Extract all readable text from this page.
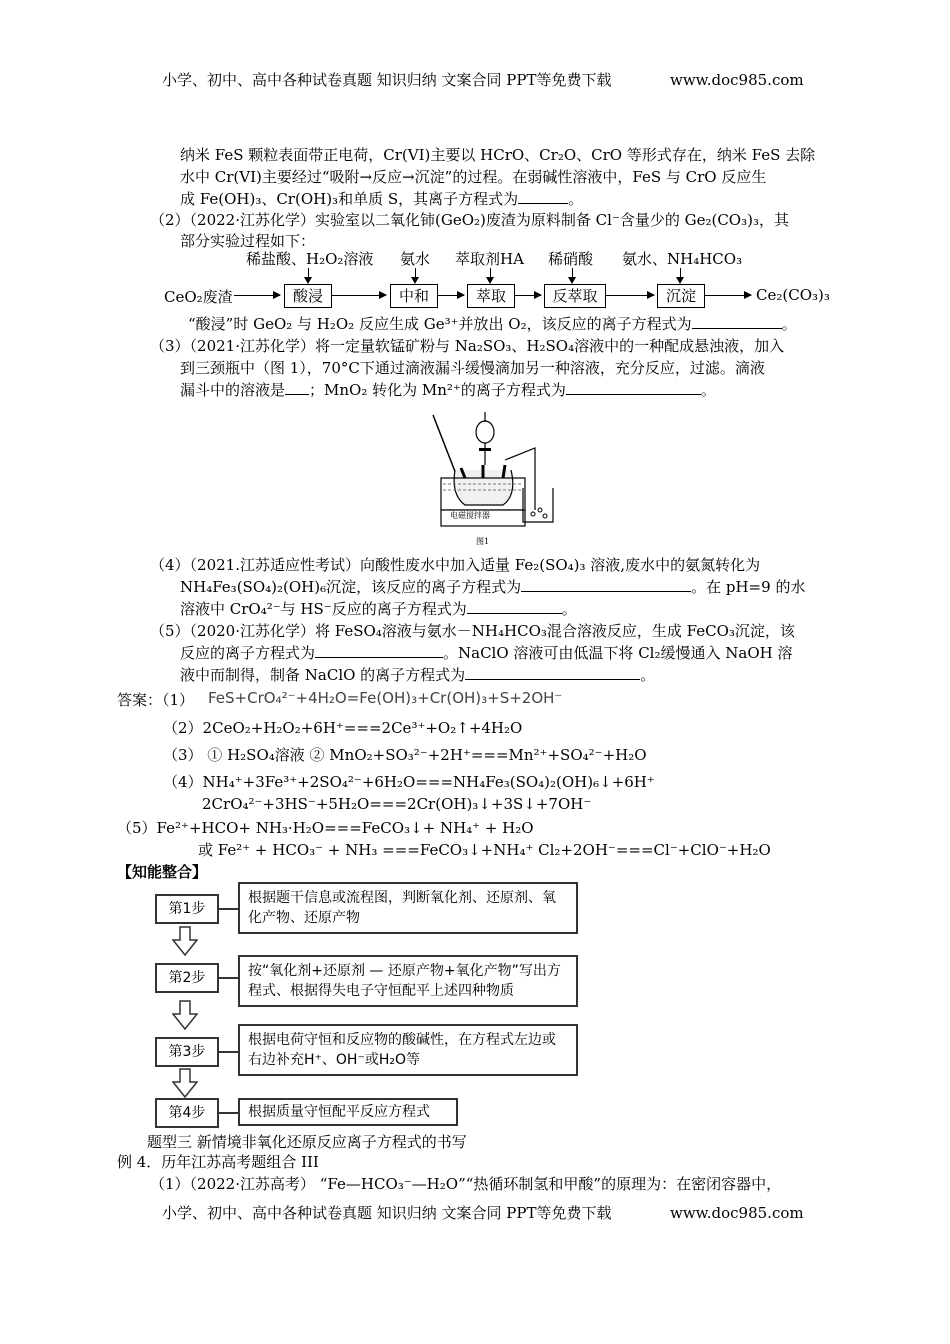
小学、初中、高中各种试卷真题 知识归纳 文案合同 PPT等免费下载	www.doc985.com
纳米 FeS 颗粒表面带正电荷，Cr(VI)主要以 HCrO、Cr₂O、CrO 等形式存在，纳米 FeS 去除
水中 Cr(VI)主要经过“吸附→反应→沉淀”的过程。在弱碱性溶液中，FeS 与 CrO 反应生
成 Fe(OH)₃、Cr(OH)₃和单质 S，其离子方程式为	。
（2）（2022·江苏化学）实验室以二氧化铈(GeO₂)废渣为原料制备 Cl⁻含量少的 Ge₂(CO₃)₃，其
部分实验过程如下：
稀盐酸、H₂O₂溶液 氨水 萃取剂HA 稀硝酸 氨水、NH₄HCO₃
CeO₂废渣	酸浸	中和	萃取	反萃取	沉淀	Ce₂(CO₃)₃
“酸浸”时 GeO₂ 与 H₂O₂ 反应生成 Ge³⁺并放出 O₂，该反应的离子方程式为	。
（3）（2021·江苏化学）将一定量软锰矿粉与 Na₂SO₃、H₂SO₄溶液中的一种配成悬浊液，加入
到三颈瓶中（图 1），70°C下通过滴液漏斗缓慢滴加另一种溶液，充分反应，过滤。滴液
漏斗中的溶液是 ；MnO₂ 转化为 Mn²⁺的离子方程式为	。
电磁搅拌器
图1
（4）（2021.江苏适应性考试）向酸性废水中加入适量 Fe₂(SO₄)₃ 溶液,废水中的氨氮转化为
NH₄Fe₃(SO₄)₂(OH)₆沉淀，该反应的离子方程式为	。在 pH=9 的水
溶液中 CrO₄²⁻与 HS⁻反应的离子方程式为	。
（5）（2020·江苏化学）将 FeSO₄溶液与氨水－NH₄HCO₃混合溶液反应，生成 FeCO₃沉淀，该
反应的离子方程式为	。NaClO 溶液可由低温下将 Cl₂缓慢通入 NaOH 溶
液中而制得，制备 NaClO 的离子方程式为	。
答案：（1） FeS+CrO₄²⁻+4H₂O=Fe(OH)₃+Cr(OH)₃+S+2OH⁻
（2）2CeO₂+H₂O₂+6H⁺===2Ce³⁺+O₂↑+4H₂O
（3） ① H₂SO₄溶液 ② MnO₂+SO₃²⁻+2H⁺===Mn²⁺+SO₄²⁻+H₂O
（4）NH₄⁺+3Fe³⁺+2SO₄²⁻+6H₂O===NH₄Fe₃(SO₄)₂(OH)₆↓+6H⁺
2CrO₄²⁻+3HS⁻+5H₂O===2Cr(OH)₃↓+3S↓+7OH⁻
（5）Fe²⁺+HCO+ NH₃·H₂O===FeCO₃↓+ NH₄⁺ + H₂O
或 Fe²⁺ + HCO₃⁻ + NH₃ ===FeCO₃↓+NH₄⁺ Cl₂+2OH⁻===Cl⁻+ClO⁻+H₂O
【知能整合】
第1步
根据题干信息或流程图，判断氧化剂、还原剂、氧化产物、还原产物
第2步	按“氧化剂+还原剂 — 还原产物+氧化产物”写出方程式、根据得失电子守恒配平上述四种物质
第3步
根据电荷守恒和反应物的酸碱性，在方程式左边或右边补充H⁺、OH⁻或H₂O等
第4步	根据质量守恒配平反应方程式
题型三 新情境非氧化还原反应离子方程式的书写
例 4．历年江苏高考题组合 III
（1）（2022·江苏高考） “Fe—HCO₃⁻—H₂O”“热循环制氢和甲酸”的原理为：在密闭容器中，
小学、初中、高中各种试卷真题 知识归纳 文案合同 PPT等免费下载	www.doc985.com
